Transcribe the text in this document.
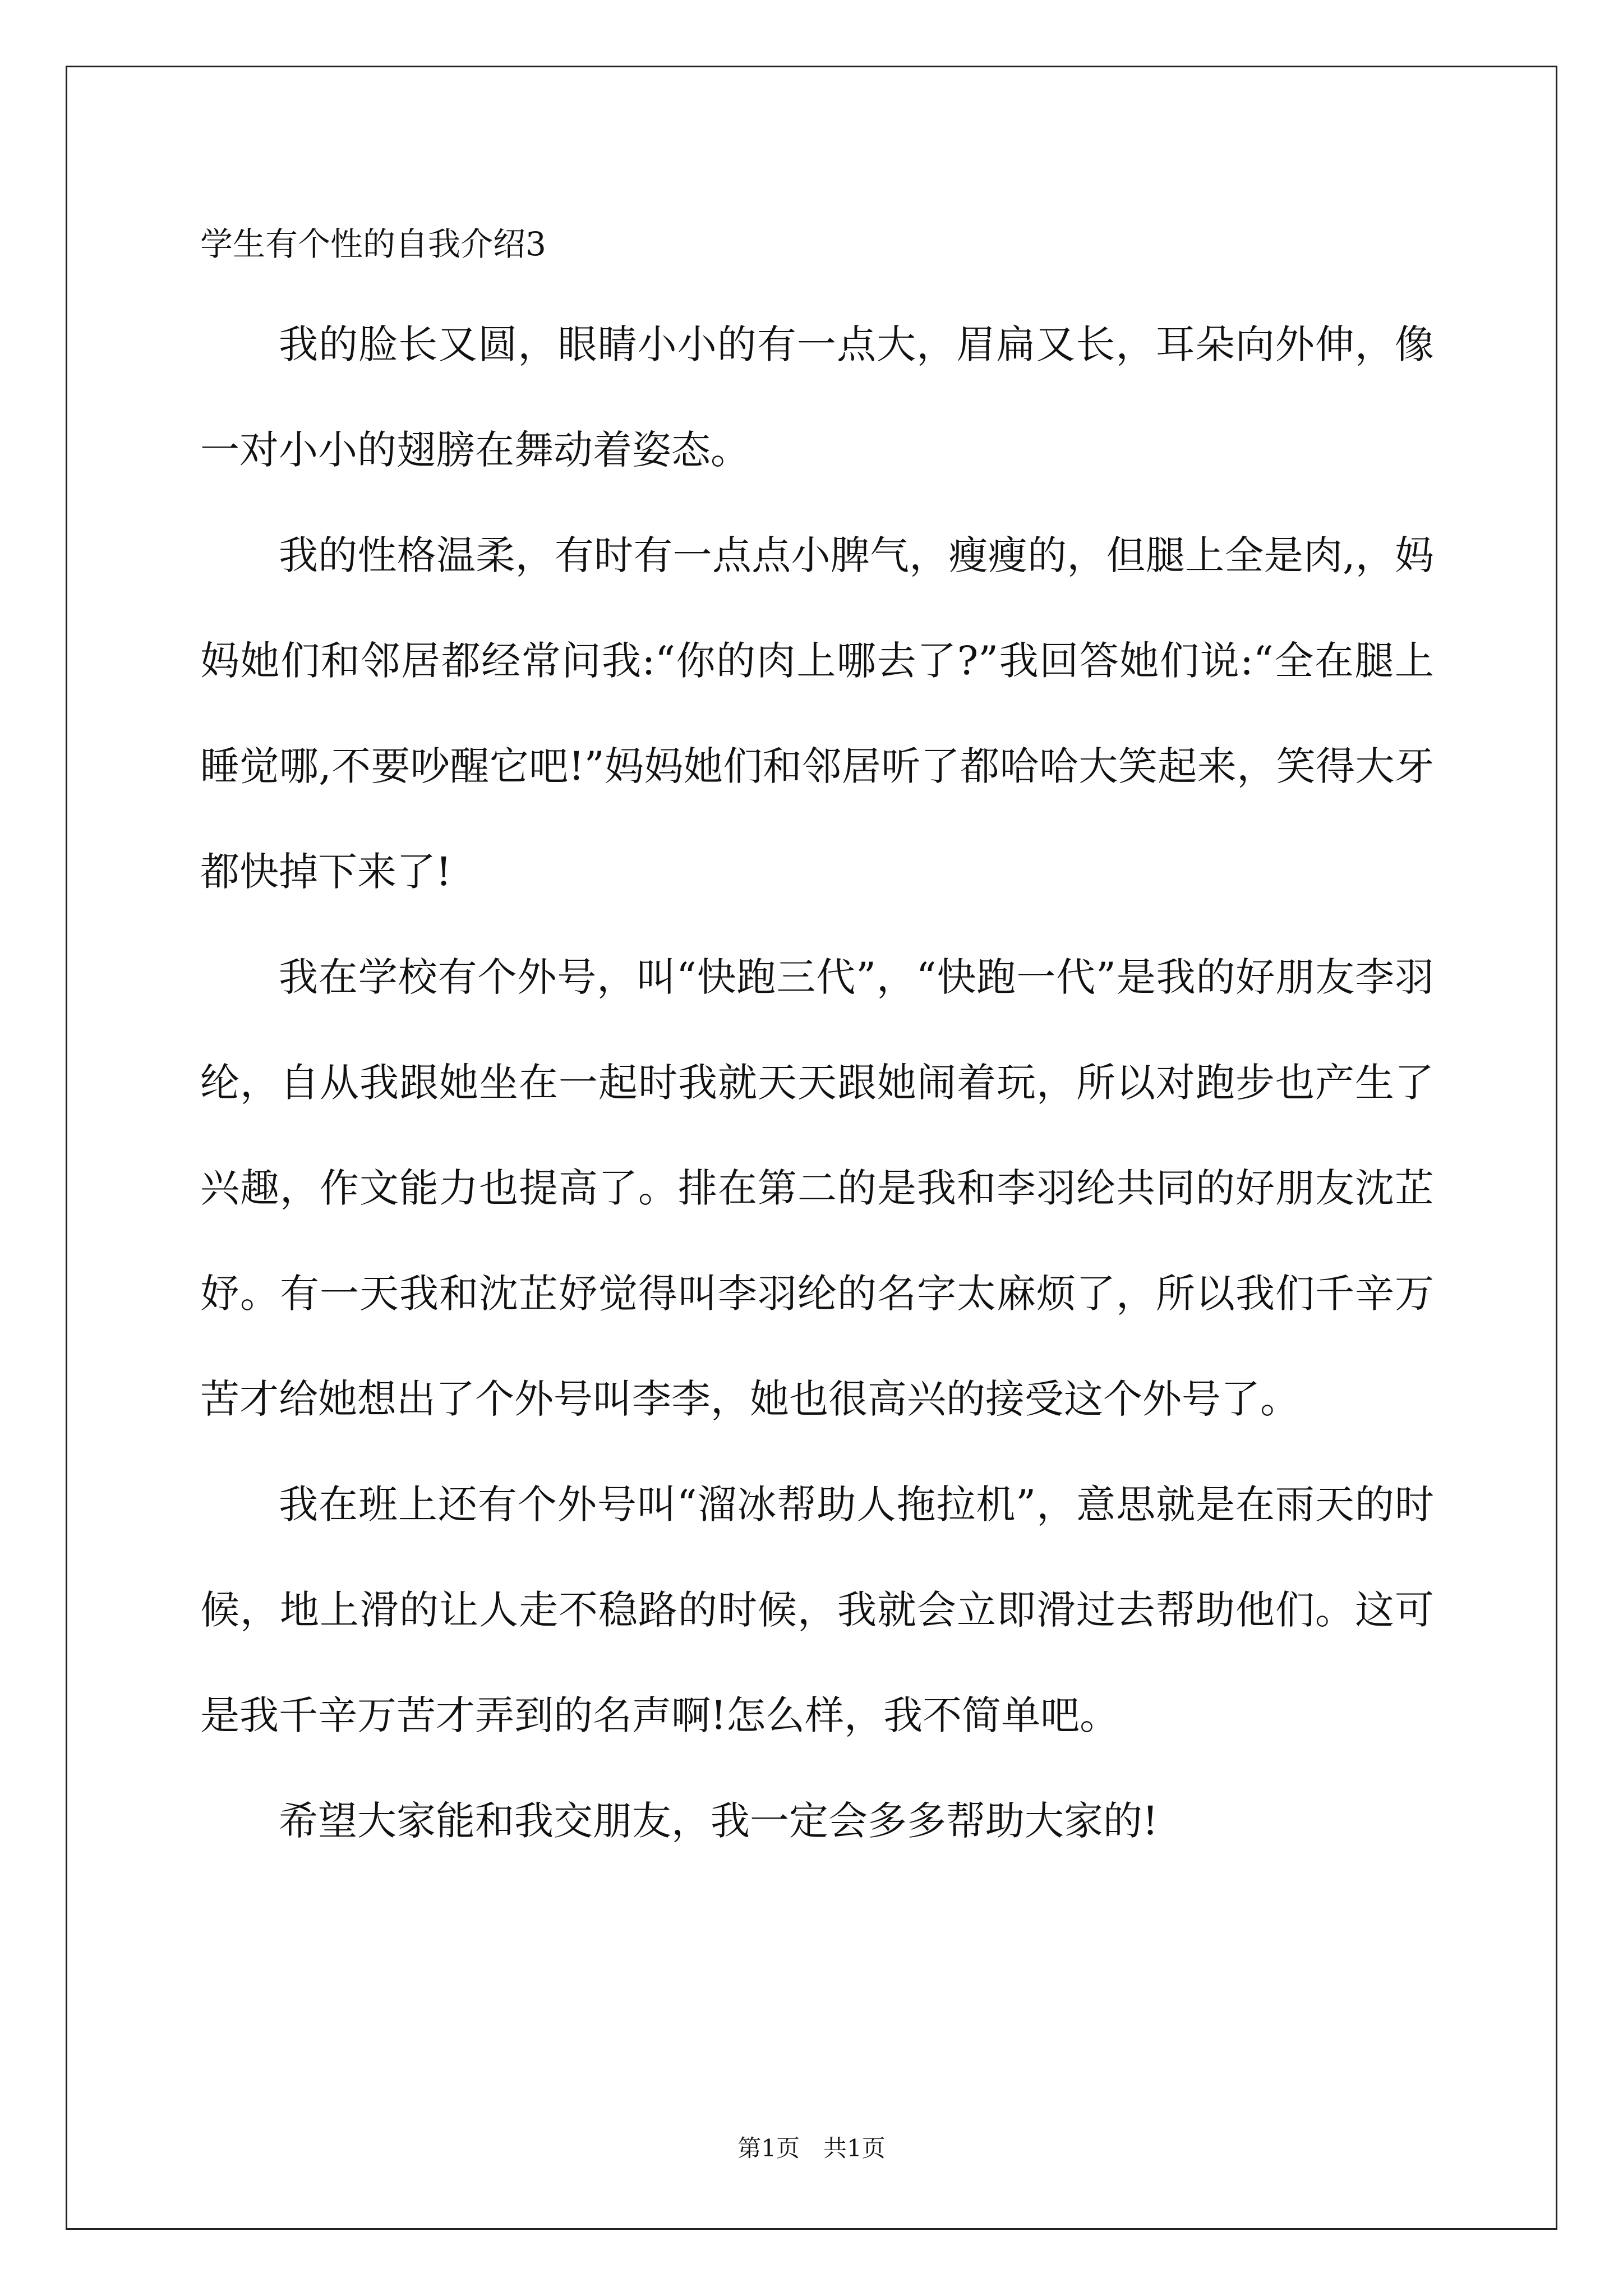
学生有个性的自我介绍3

我的脸长又圆，眼睛小小的有一点大，眉扁又长，耳朵向外伸，像一对小小的翅膀在舞动着姿态。

我的性格温柔，有时有一点点小脾气，瘦瘦的，但腿上全是肉,，妈妈她们和邻居都经常问我:“你的肉上哪去了?”我回答她们说:“全在腿上睡觉哪,不要吵醒它吧!”妈妈她们和邻居听了都哈哈大笑起来，笑得大牙都快掉下来了!

我在学校有个外号，叫“快跑三代”，“快跑一代”是我的好朋友李羽纶，自从我跟她坐在一起时我就天天跟她闹着玩，所以对跑步也产生了兴趣，作文能力也提高了。排在第二的是我和李羽纶共同的好朋友沈芷妤。有一天我和沈芷妤觉得叫李羽纶的名字太麻烦了，所以我们千辛万苦才给她想出了个外号叫李李，她也很高兴的接受这个外号了。

我在班上还有个外号叫“溜冰帮助人拖拉机”，意思就是在雨天的时候，地上滑的让人走不稳路的时候，我就会立即滑过去帮助他们。这可是我千辛万苦才弄到的名声啊!怎么样，我不简单吧。

希望大家能和我交朋友，我一定会多多帮助大家的!

第1页　共1页
